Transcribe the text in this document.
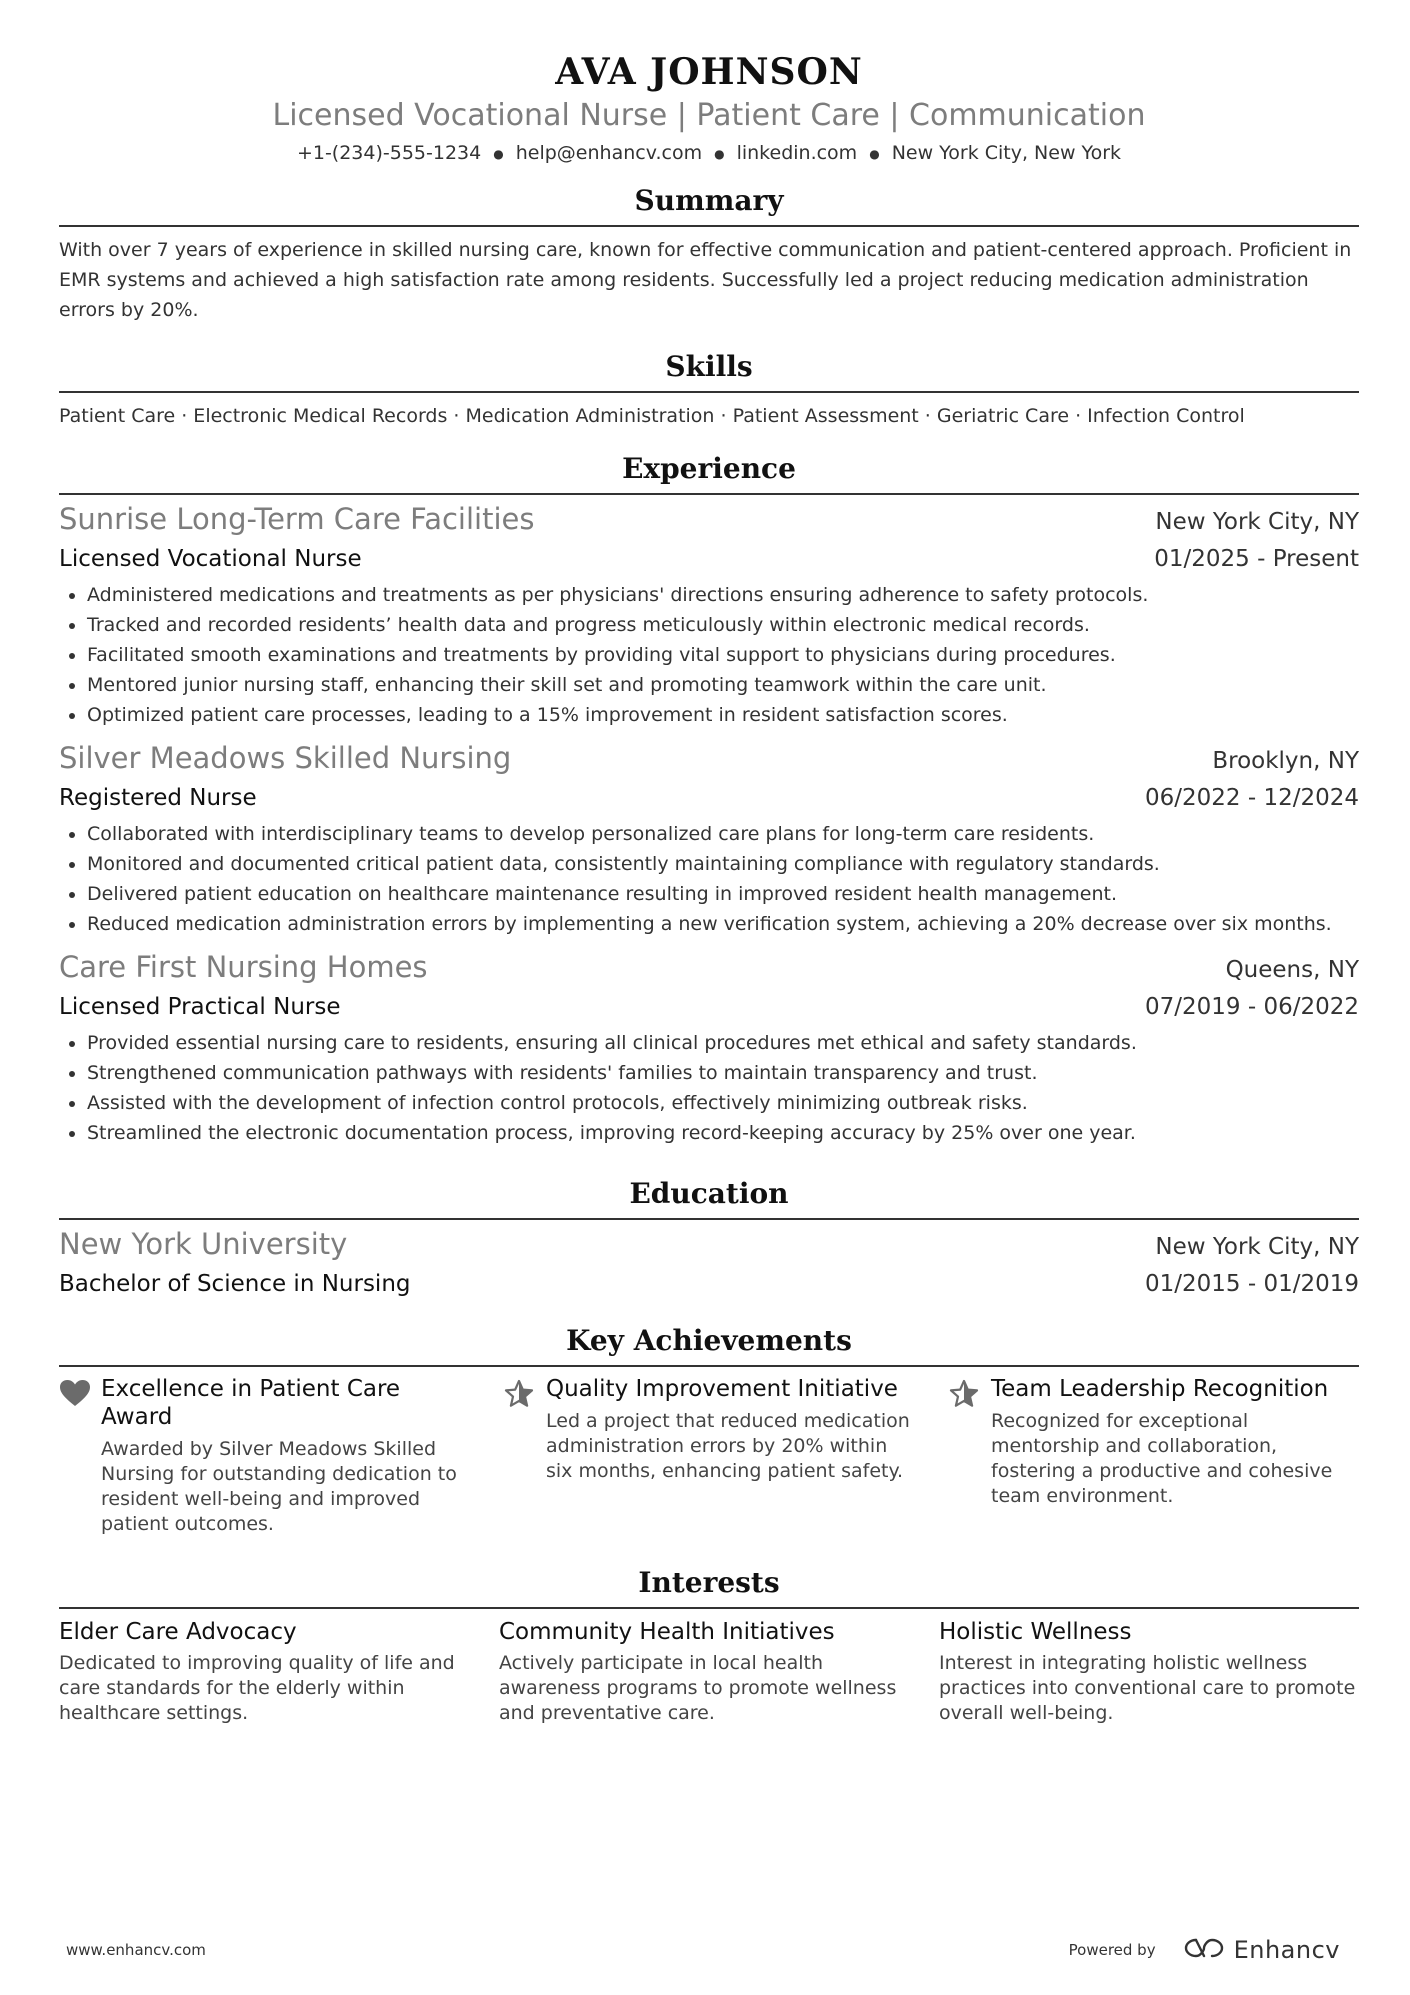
AVA JOHNSON
Licensed Vocational Nurse | Patient Care | Communication
+1-(234)-555-1234 ● help@enhancv.com ● linkedin.com ● New York City, New York
Summary
With over 7 years of experience in skilled nursing care, known for effective communication and patient-centered approach. Proficient in EMR systems and achieved a high satisfaction rate among residents. Successfully led a project reducing medication administration errors by 20%.
Skills
Patient Care · Electronic Medical Records · Medication Administration · Patient Assessment · Geriatric Care · Infection Control
Experience
Sunrise Long-Term Care Facilities	New York City, NY
Licensed Vocational Nurse	01/2025 - Present
• Administered medications and treatments as per physicians' directions ensuring adherence to safety protocols.
• Tracked and recorded residents’ health data and progress meticulously within electronic medical records.
• Facilitated smooth examinations and treatments by providing vital support to physicians during procedures.
• Mentored junior nursing staff, enhancing their skill set and promoting teamwork within the care unit.
• Optimized patient care processes, leading to a 15% improvement in resident satisfaction scores.
Silver Meadows Skilled Nursing	Brooklyn, NY
Registered Nurse	06/2022 - 12/2024
• Collaborated with interdisciplinary teams to develop personalized care plans for long-term care residents.
• Monitored and documented critical patient data, consistently maintaining compliance with regulatory standards.
• Delivered patient education on healthcare maintenance resulting in improved resident health management.
• Reduced medication administration errors by implementing a new verification system, achieving a 20% decrease over six months.
Care First Nursing Homes	Queens, NY
Licensed Practical Nurse	07/2019 - 06/2022
• Provided essential nursing care to residents, ensuring all clinical procedures met ethical and safety standards.
• Strengthened communication pathways with residents' families to maintain transparency and trust.
• Assisted with the development of infection control protocols, effectively minimizing outbreak risks.
• Streamlined the electronic documentation process, improving record-keeping accuracy by 25% over one year.
Education
New York University	New York City, NY
Bachelor of Science in Nursing	01/2015 - 01/2019
Key Achievements
Excellence in Patient Care Award
Awarded by Silver Meadows Skilled Nursing for outstanding dedication to resident well-being and improved patient outcomes.
Quality Improvement Initiative
Led a project that reduced medication administration errors by 20% within six months, enhancing patient safety.
Team Leadership Recognition
Recognized for exceptional mentorship and collaboration, fostering a productive and cohesive team environment.
Interests
Elder Care Advocacy
Dedicated to improving quality of life and care standards for the elderly within healthcare settings.
Community Health Initiatives
Actively participate in local health awareness programs to promote wellness and preventative care.
Holistic Wellness
Interest in integrating holistic wellness practices into conventional care to promote overall well-being.
www.enhancv.com	Powered by	Enhancv
